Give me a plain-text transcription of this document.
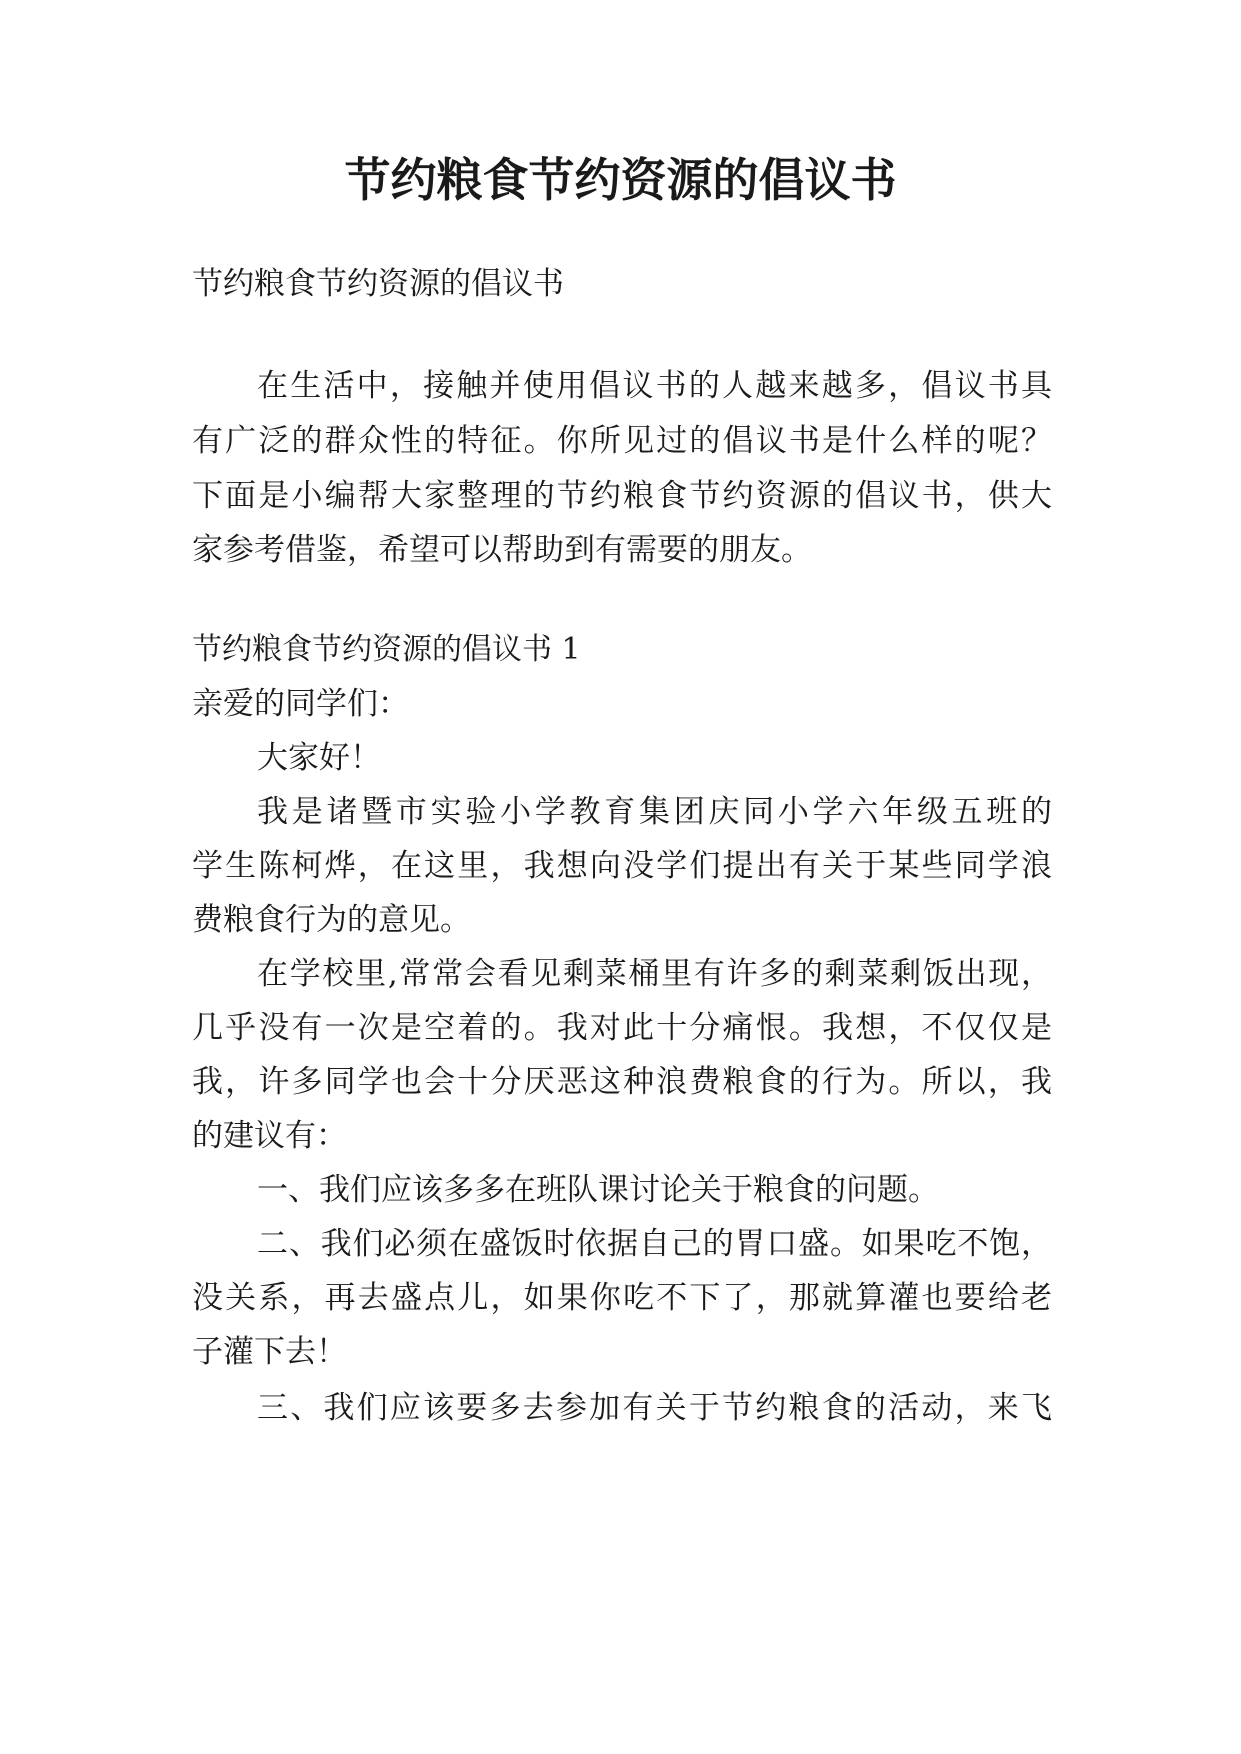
节约粮食节约资源的倡议书

节约粮食节约资源的倡议书

在生活中，接触并使用倡议书的人越来越多，倡议书具

有广泛的群众性的特征。你所见过的倡议书是什么样的呢？

下面是小编帮大家整理的节约粮食节约资源的倡议书，供大

家参考借鉴，希望可以帮助到有需要的朋友。

节约粮食节约资源的倡议书 1

亲爱的同学们：

大家好！

我是诸暨市实验小学教育集团庆同小学六年级五班的

学生陈柯烨，在这里，我想向没学们提出有关于某些同学浪

费粮食行为的意见。

在学校里,常常会看见剩菜桶里有许多的剩菜剩饭出现，

几乎没有一次是空着的。我对此十分痛恨。我想，不仅仅是

我，许多同学也会十分厌恶这种浪费粮食的行为。所以，我

的建议有：

一、我们应该多多在班队课讨论关于粮食的问题。

二、我们必须在盛饭时依据自己的胃口盛。如果吃不饱，

没关系，再去盛点儿，如果你吃不下了，那就算灌也要给老

子灌下去！

三、我们应该要多去参加有关于节约粮食的活动，来飞
